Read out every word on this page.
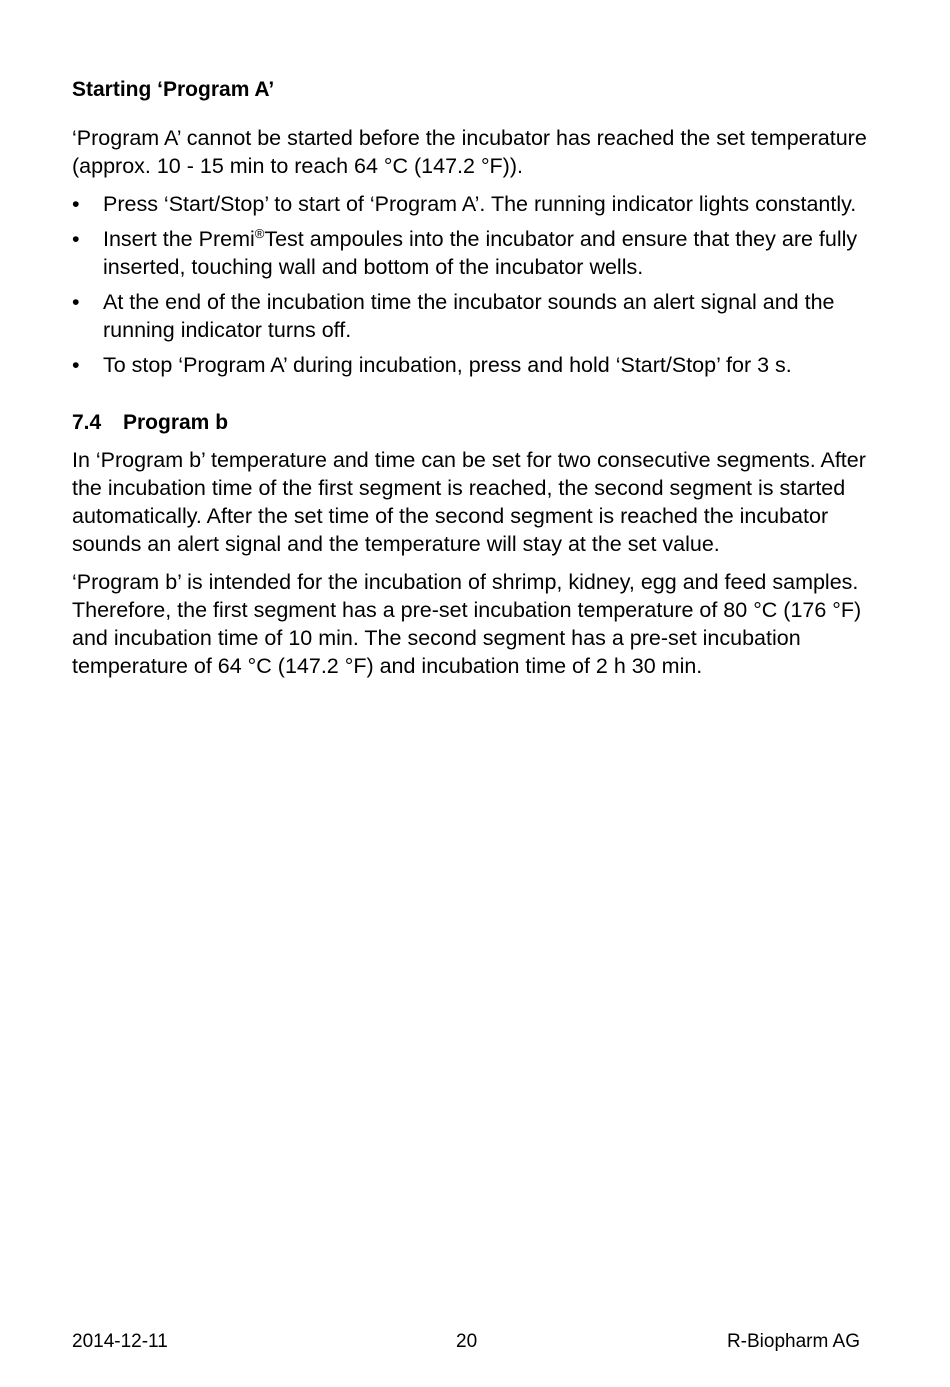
Starting ‘Program A’

‘Program A’ cannot be started before the incubator has reached the set temperature (approx. 10 - 15 min to reach 64 °C (147.2 °F)).

• Press ‘Start/Stop’ to start of ‘Program A’. The running indicator lights constantly.
• Insert the Premi®Test ampoules into the incubator and ensure that they are fully inserted, touching wall and bottom of the incubator wells.
• At the end of the incubation time the incubator sounds an alert signal and the running indicator turns off.
• To stop ‘Program A’ during incubation, press and hold ‘Start/Stop’ for 3 s.
7.4	Program b

In ‘Program b’ temperature and time can be set for two consecutive segments. After the incubation time of the first segment is reached, the second segment is started automatically. After the set time of the second segment is reached the incubator sounds an alert signal and the temperature will stay at the set value.

‘Program b’ is intended for the incubation of shrimp, kidney, egg and feed samples. Therefore, the first segment has a pre-set incubation temperature of 80 °C (176 °F) and incubation time of 10 min. The second segment has a pre-set incubation temperature of 64 °C (147.2 °F) and incubation time of 2 h 30 min.

2014-12-11	20	R-Biopharm AG
